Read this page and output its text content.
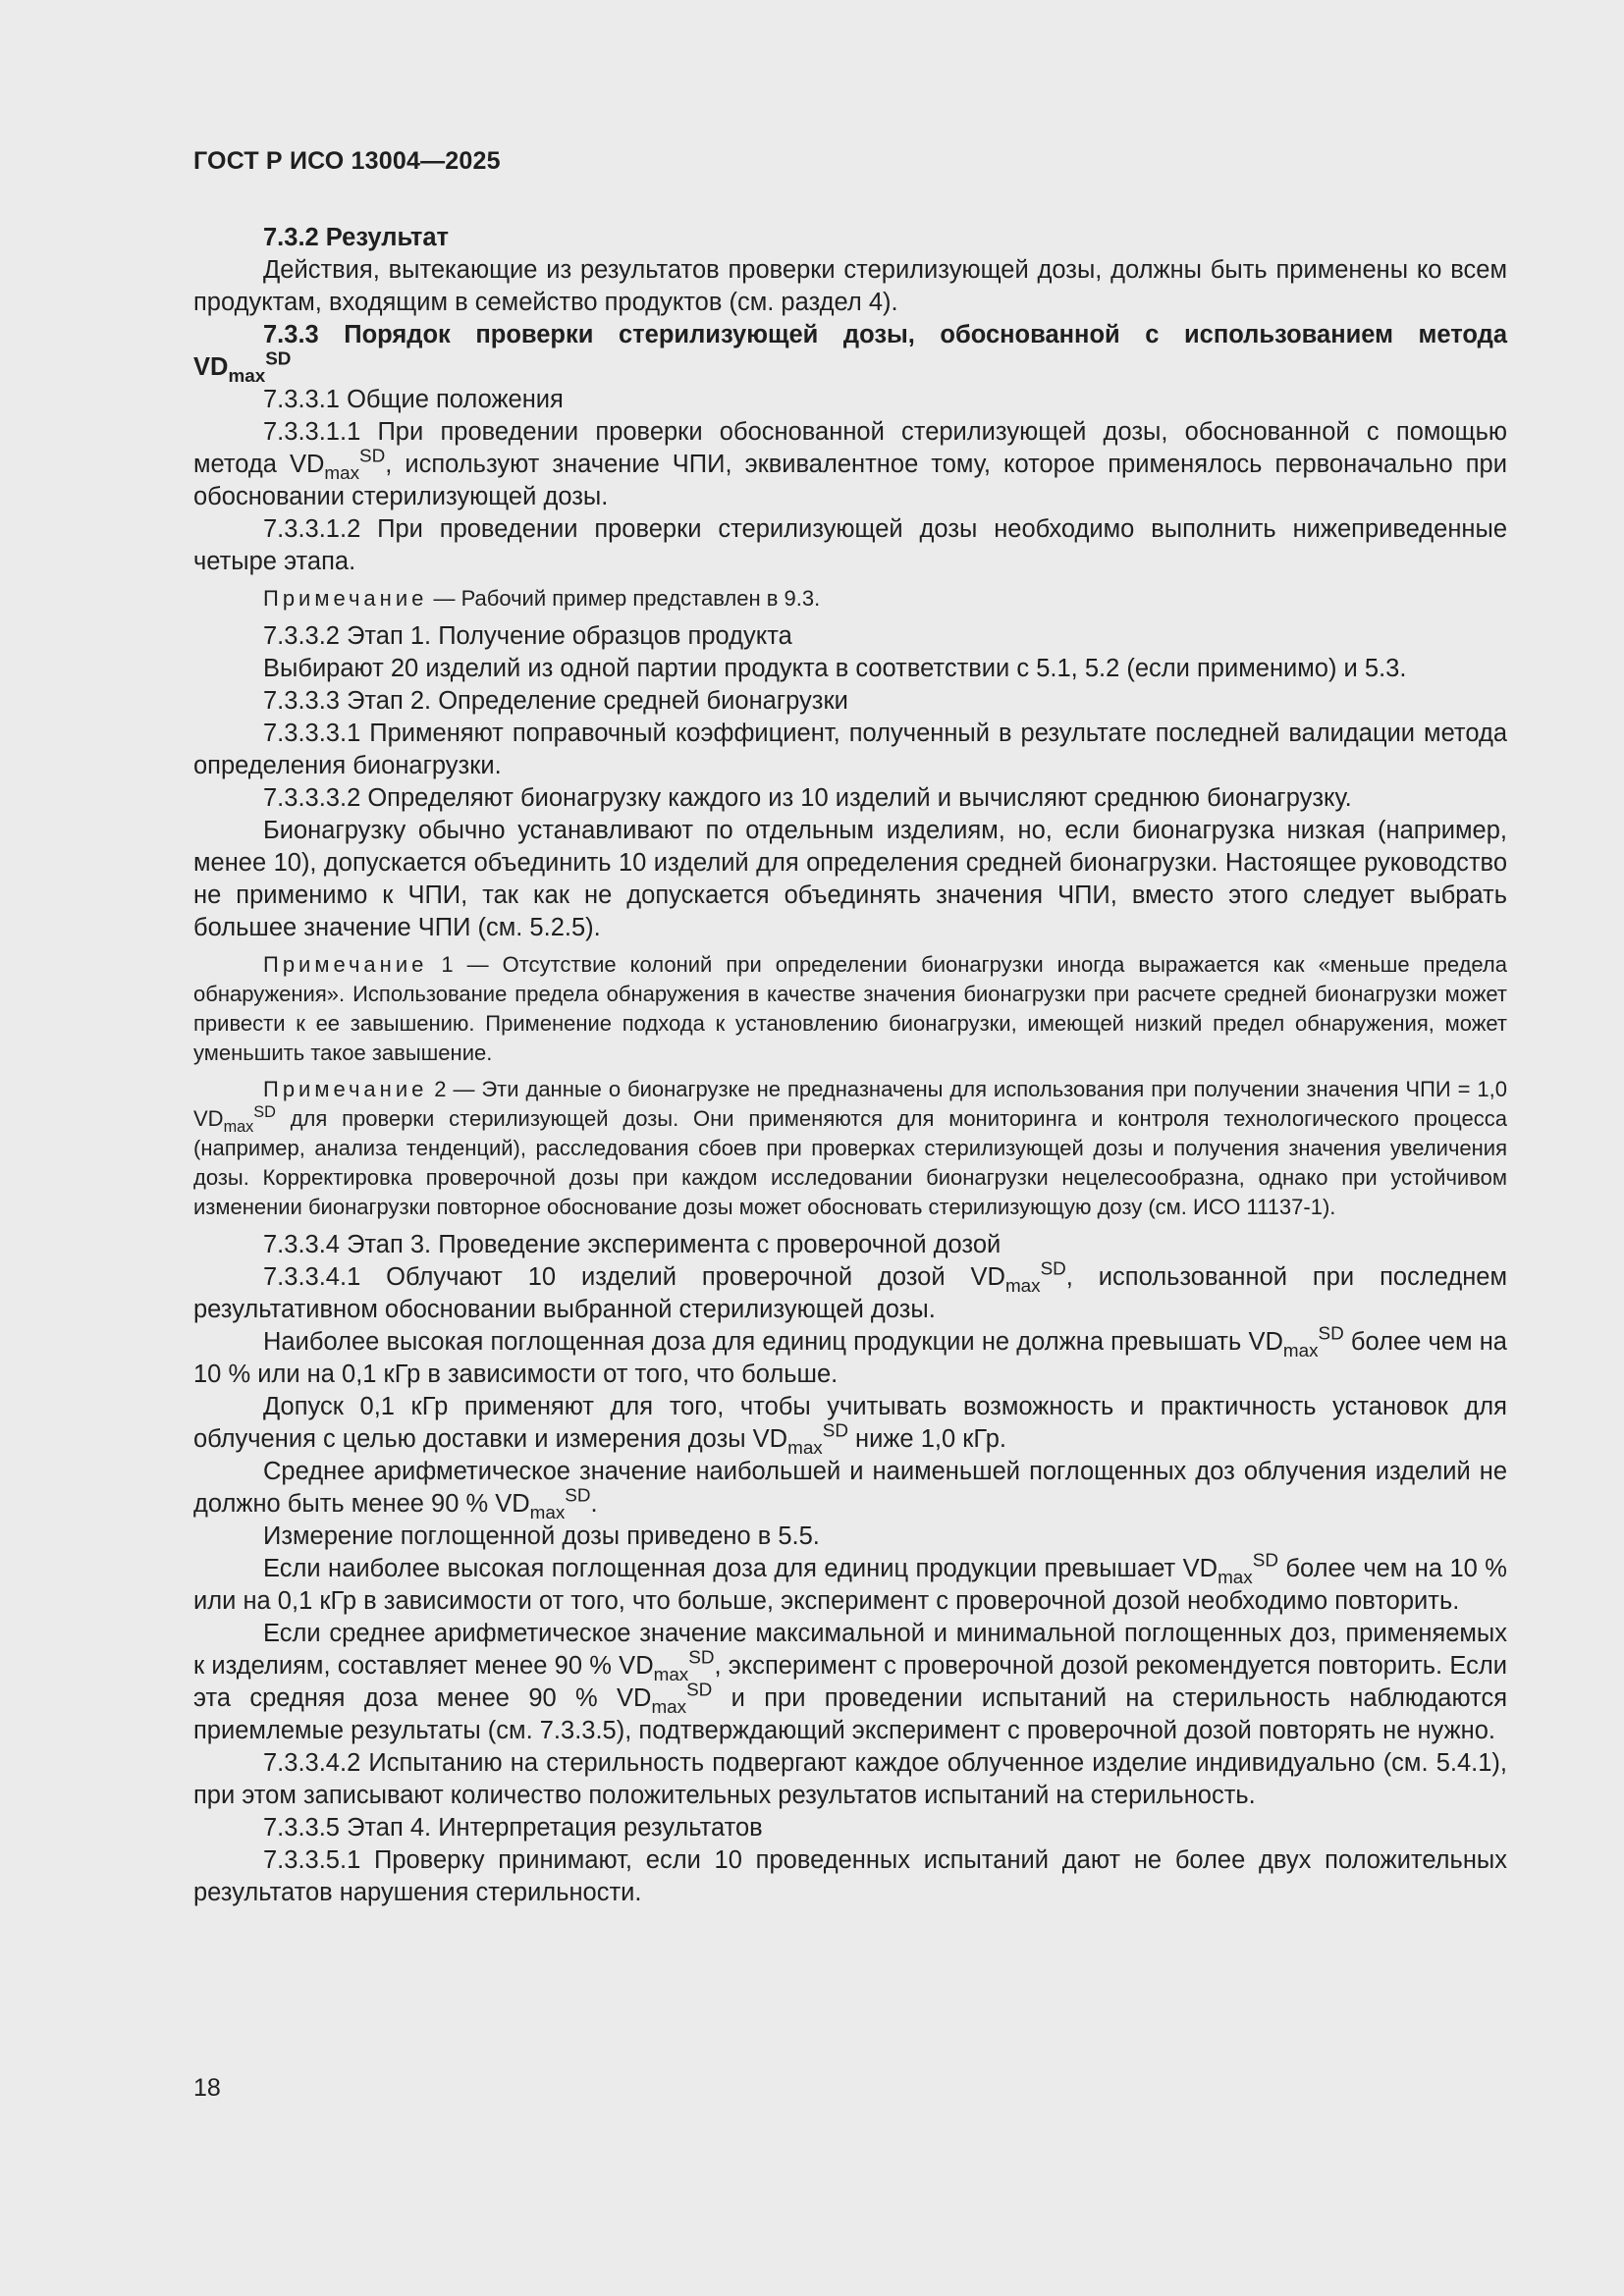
ГОСТ Р ИСО 13004—2025

7.3.2 Результат

Действия, вытекающие из результатов проверки стерилизующей дозы, должны быть применены ко всем продуктам, входящим в семейство продуктов (см. раздел 4).

7.3.3 Порядок проверки стерилизующей дозы, обоснованной с использованием метода

$VD_{max}^{SD}$

7.3.3.1 Общие положения

7.3.3.1.1 При проведении проверки обоснованной стерилизующей дозы, обоснованной с помощью метода $VD_{max}^{SD}$, используют значение ЧПИ, эквивалентное тому, которое применялось первоначально при обосновании стерилизующей дозы.

7.3.3.1.2 При проведении проверки стерилизующей дозы необходимо выполнить нижеприведенные четыре этапа.

Примечание — Рабочий пример представлен в 9.3.

7.3.3.2 Этап 1. Получение образцов продукта

Выбирают 20 изделий из одной партии продукта в соответствии с 5.1, 5.2 (если применимо) и 5.3.

7.3.3.3 Этап 2. Определение средней бионагрузки

7.3.3.3.1 Применяют поправочный коэффициент, полученный в результате последней валидации метода определения бионагрузки.

7.3.3.3.2 Определяют бионагрузку каждого из 10 изделий и вычисляют среднюю бионагрузку.

Бионагрузку обычно устанавливают по отдельным изделиям, но, если бионагрузка низкая (например, менее 10), допускается объединить 10 изделий для определения средней бионагрузки. Настоящее руководство не применимо к ЧПИ, так как не допускается объединять значения ЧПИ, вместо этого следует выбрать большее значение ЧПИ (см. 5.2.5).

Примечание 1 — Отсутствие колоний при определении бионагрузки иногда выражается как «меньше предела обнаружения». Использование предела обнаружения в качестве значения бионагрузки при расчете средней бионагрузки может привести к ее завышению. Применение подхода к установлению бионагрузки, имеющей низкий предел обнаружения, может уменьшить такое завышение.

Примечание 2 — Эти данные о бионагрузке не предназначены для использования при получении значения ЧПИ = 1,0 $VD_{max}^{SD}$ для проверки стерилизующей дозы. Они применяются для мониторинга и контроля технологического процесса (например, анализа тенденций), расследования сбоев при проверках стерилизующей дозы и получения значения увеличения дозы. Корректировка проверочной дозы при каждом исследовании бионагрузки нецелесообразна, однако при устойчивом изменении бионагрузки повторное обоснование дозы может обосновать стерилизующую дозу (см. ИСО 11137-1).

7.3.3.4 Этап 3. Проведение эксперимента с проверочной дозой

7.3.3.4.1 Облучают 10 изделий проверочной дозой $VD_{max}^{SD}$, использованной при последнем результативном обосновании выбранной стерилизующей дозы.

Наиболее высокая поглощенная доза для единиц продукции не должна превышать $VD_{max}^{SD}$ более чем на 10 % или на 0,1 кГр в зависимости от того, что больше.

Допуск 0,1 кГр применяют для того, чтобы учитывать возможность и практичность установок для облучения с целью доставки и измерения дозы $VD_{max}^{SD}$ ниже 1,0 кГр.

Среднее арифметическое значение наибольшей и наименьшей поглощенных доз облучения изделий не должно быть менее 90 % $VD_{max}^{SD}$.

Измерение поглощенной дозы приведено в 5.5.

Если наиболее высокая поглощенная доза для единиц продукции превышает $VD_{max}^{SD}$ более чем на 10 % или на 0,1 кГр в зависимости от того, что больше, эксперимент с проверочной дозой необходимо повторить.

Если среднее арифметическое значение максимальной и минимальной поглощенных доз, применяемых к изделиям, составляет менее 90 % $VD_{max}^{SD}$, эксперимент с проверочной дозой рекомендуется повторить. Если эта средняя доза менее 90 % $VD_{max}^{SD}$ и при проведении испытаний на стерильность наблюдаются приемлемые результаты (см. 7.3.3.5), подтверждающий эксперимент с проверочной дозой повторять не нужно.

7.3.3.4.2 Испытанию на стерильность подвергают каждое облученное изделие индивидуально (см. 5.4.1), при этом записывают количество положительных результатов испытаний на стерильность.

7.3.3.5 Этап 4. Интерпретация результатов

7.3.3.5.1 Проверку принимают, если 10 проведенных испытаний дают не более двух положительных результатов нарушения стерильности.

18
